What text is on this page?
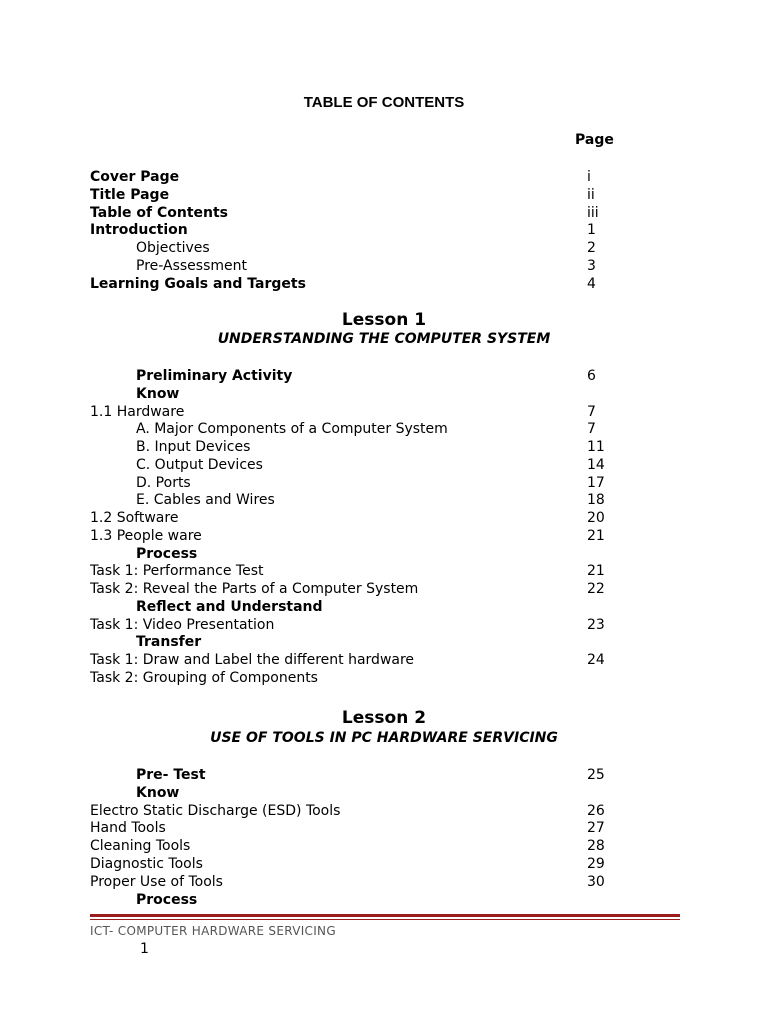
TABLE OF CONTENTS
Page
Cover Page	i
Title Page	ii
Table of Contents	iii
Introduction	1
Objectives	2
Pre-Assessment	3
Learning Goals and Targets	4
Lesson 1
UNDERSTANDING THE COMPUTER SYSTEM
Preliminary Activity	6
Know
1.1 Hardware	7
A. Major Components of a Computer System	7
B. Input Devices	11
C. Output Devices	14
D. Ports	17
E. Cables and Wires	18
1.2 Software	20
1.3 People ware	21
Process
Task 1: Performance Test	21
Task 2: Reveal the Parts of a Computer System	22
Reflect and Understand
Task 1: Video Presentation	23
Transfer
Task 1: Draw and Label the different hardware	24
Task 2: Grouping of Components
Lesson 2
USE OF TOOLS IN PC HARDWARE SERVICING
Pre- Test	25
Know
Electro Static Discharge (ESD) Tools	26
Hand Tools	27
Cleaning Tools	28
Diagnostic Tools	29
Proper Use of Tools	30
Process
ICT- COMPUTER HARDWARE SERVICING
1
